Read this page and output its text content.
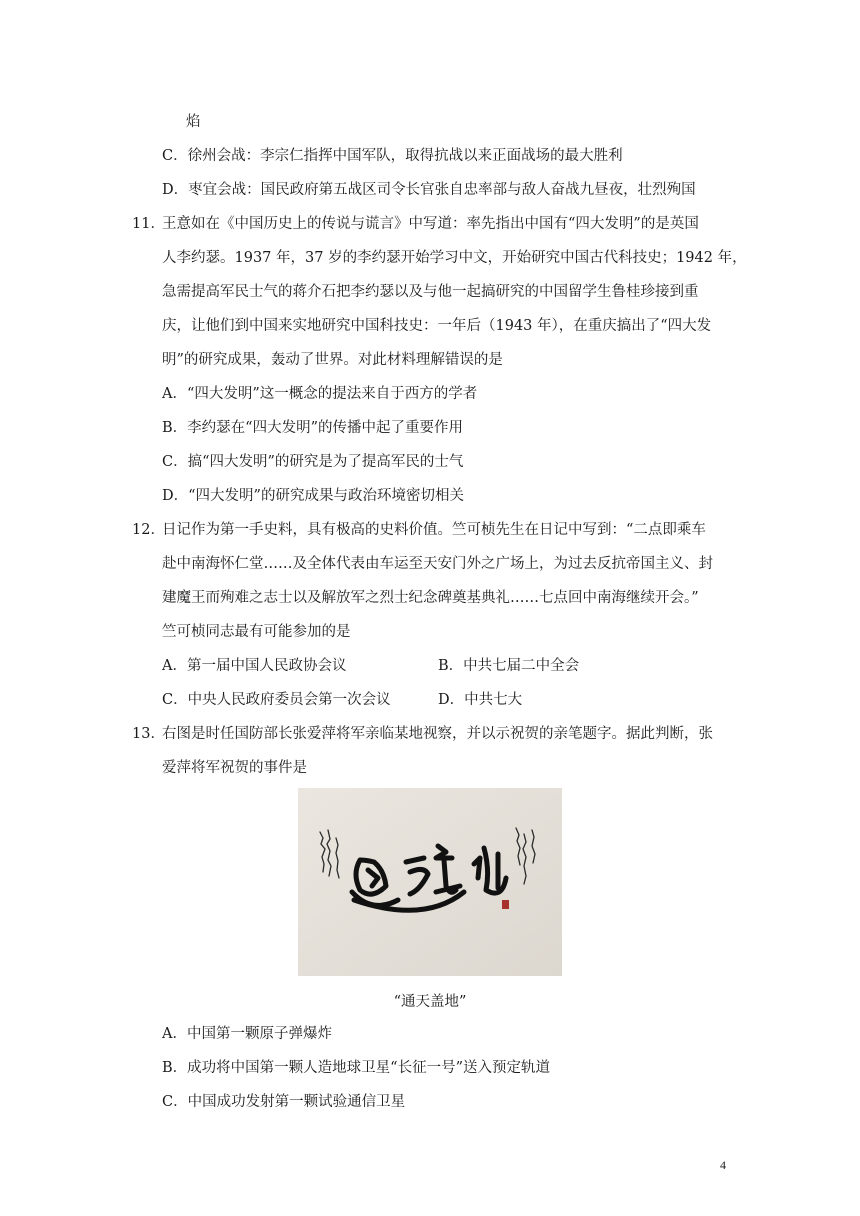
焰
C．徐州会战：李宗仁指挥中国军队，取得抗战以来正面战场的最大胜利
D．枣宜会战：国民政府第五战区司令长官张自忠率部与敌人奋战九昼夜，壮烈殉国
11．
王意如在《中国历史上的传说与谎言》中写道：率先指出中国有“四大发明”的是英国
人李约瑟。1937 年，37 岁的李约瑟开始学习中文，开始研究中国古代科技史；1942 年，
急需提高军民士气的蒋介石把李约瑟以及与他一起搞研究的中国留学生鲁桂珍接到重
庆，让他们到中国来实地研究中国科技史：一年后（1943 年），在重庆搞出了“四大发
明”的研究成果，轰动了世界。对此材料理解错误的是
A．“四大发明”这一概念的提法来自于西方的学者
B．李约瑟在“四大发明”的传播中起了重要作用
C．搞“四大发明”的研究是为了提高军民的士气
D．“四大发明”的研究成果与政治环境密切相关
12．
日记作为第一手史料，具有极高的史料价值。竺可桢先生在日记中写到：“二点即乘车
赴中南海怀仁堂……及全体代表由车运至天安门外之广场上，为过去反抗帝国主义、封
建魔王而殉难之志士以及解放军之烈士纪念碑奠基典礼……七点回中南海继续开会。”
竺可桢同志最有可能参加的是
A．第一届中国人民政协会议	B．中共七届二中全会
C．中央人民政府委员会第一次会议	D．中共七大
13．
右图是时任国防部长张爱萍将军亲临某地视察，并以示祝贺的亲笔题字。据此判断，张
爱萍将军祝贺的事件是
“通天盖地”
A．中国第一颗原子弹爆炸
B．成功将中国第一颗人造地球卫星“长征一号”送入预定轨道
C．中国成功发射第一颗试验通信卫星
4
